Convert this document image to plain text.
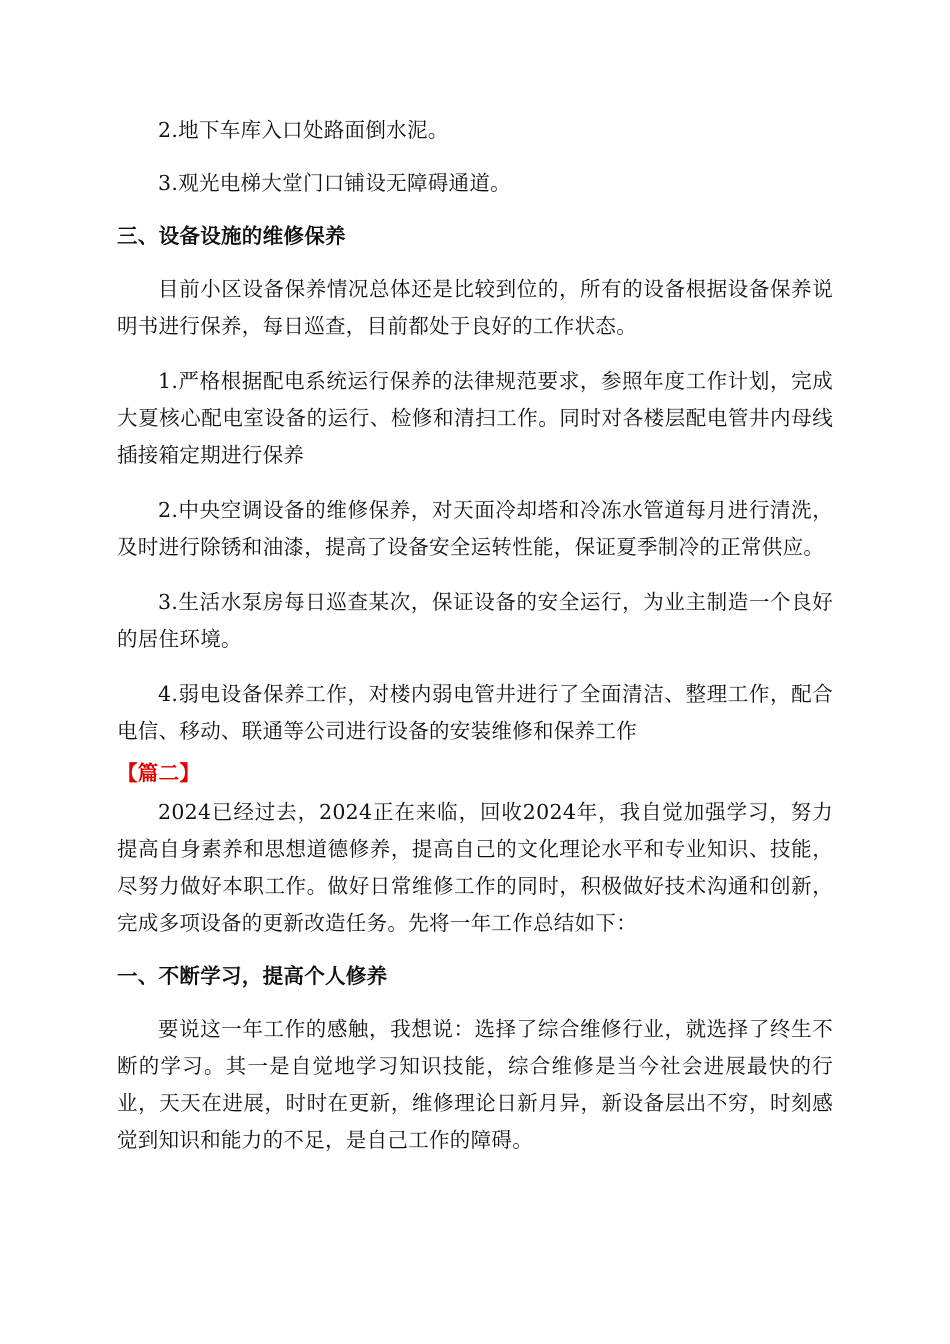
2.地下车库入口处路面倒水泥。

3.观光电梯大堂门口铺设无障碍通道。

三、设备设施的维修保养

目前小区设备保养情况总体还是比较到位的，所有的设备根据设备保养说明书进行保养，每日巡查，目前都处于良好的工作状态。

1.严格根据配电系统运行保养的法律规范要求，参照年度工作计划，完成大夏核心配电室设备的运行、检修和清扫工作。同时对各楼层配电管井内母线插接箱定期进行保养

2.中央空调设备的维修保养，对天面冷却塔和冷冻水管道每月进行清洗，及时进行除锈和油漆，提高了设备安全运转性能，保证夏季制冷的正常供应。

3.生活水泵房每日巡查某次，保证设备的安全运行，为业主制造一个良好的居住环境。

4.弱电设备保养工作，对楼内弱电管井进行了全面清洁、整理工作，配合电信、移动、联通等公司进行设备的安装维修和保养工作

【篇二】

2024已经过去，2024正在来临，回收2024年，我自觉加强学习，努力提高自身素养和思想道德修养，提高自己的文化理论水平和专业知识、技能，尽努力做好本职工作。做好日常维修工作的同时，积极做好技术沟通和创新，完成多项设备的更新改造任务。先将一年工作总结如下：

一、不断学习，提高个人修养

要说这一年工作的感触，我想说：选择了综合维修行业，就选择了终生不断的学习。其一是自觉地学习知识技能，综合维修是当今社会进展最快的行业，天天在进展，时时在更新，维修理论日新月异，新设备层出不穷，时刻感觉到知识和能力的不足，是自己工作的障碍。
